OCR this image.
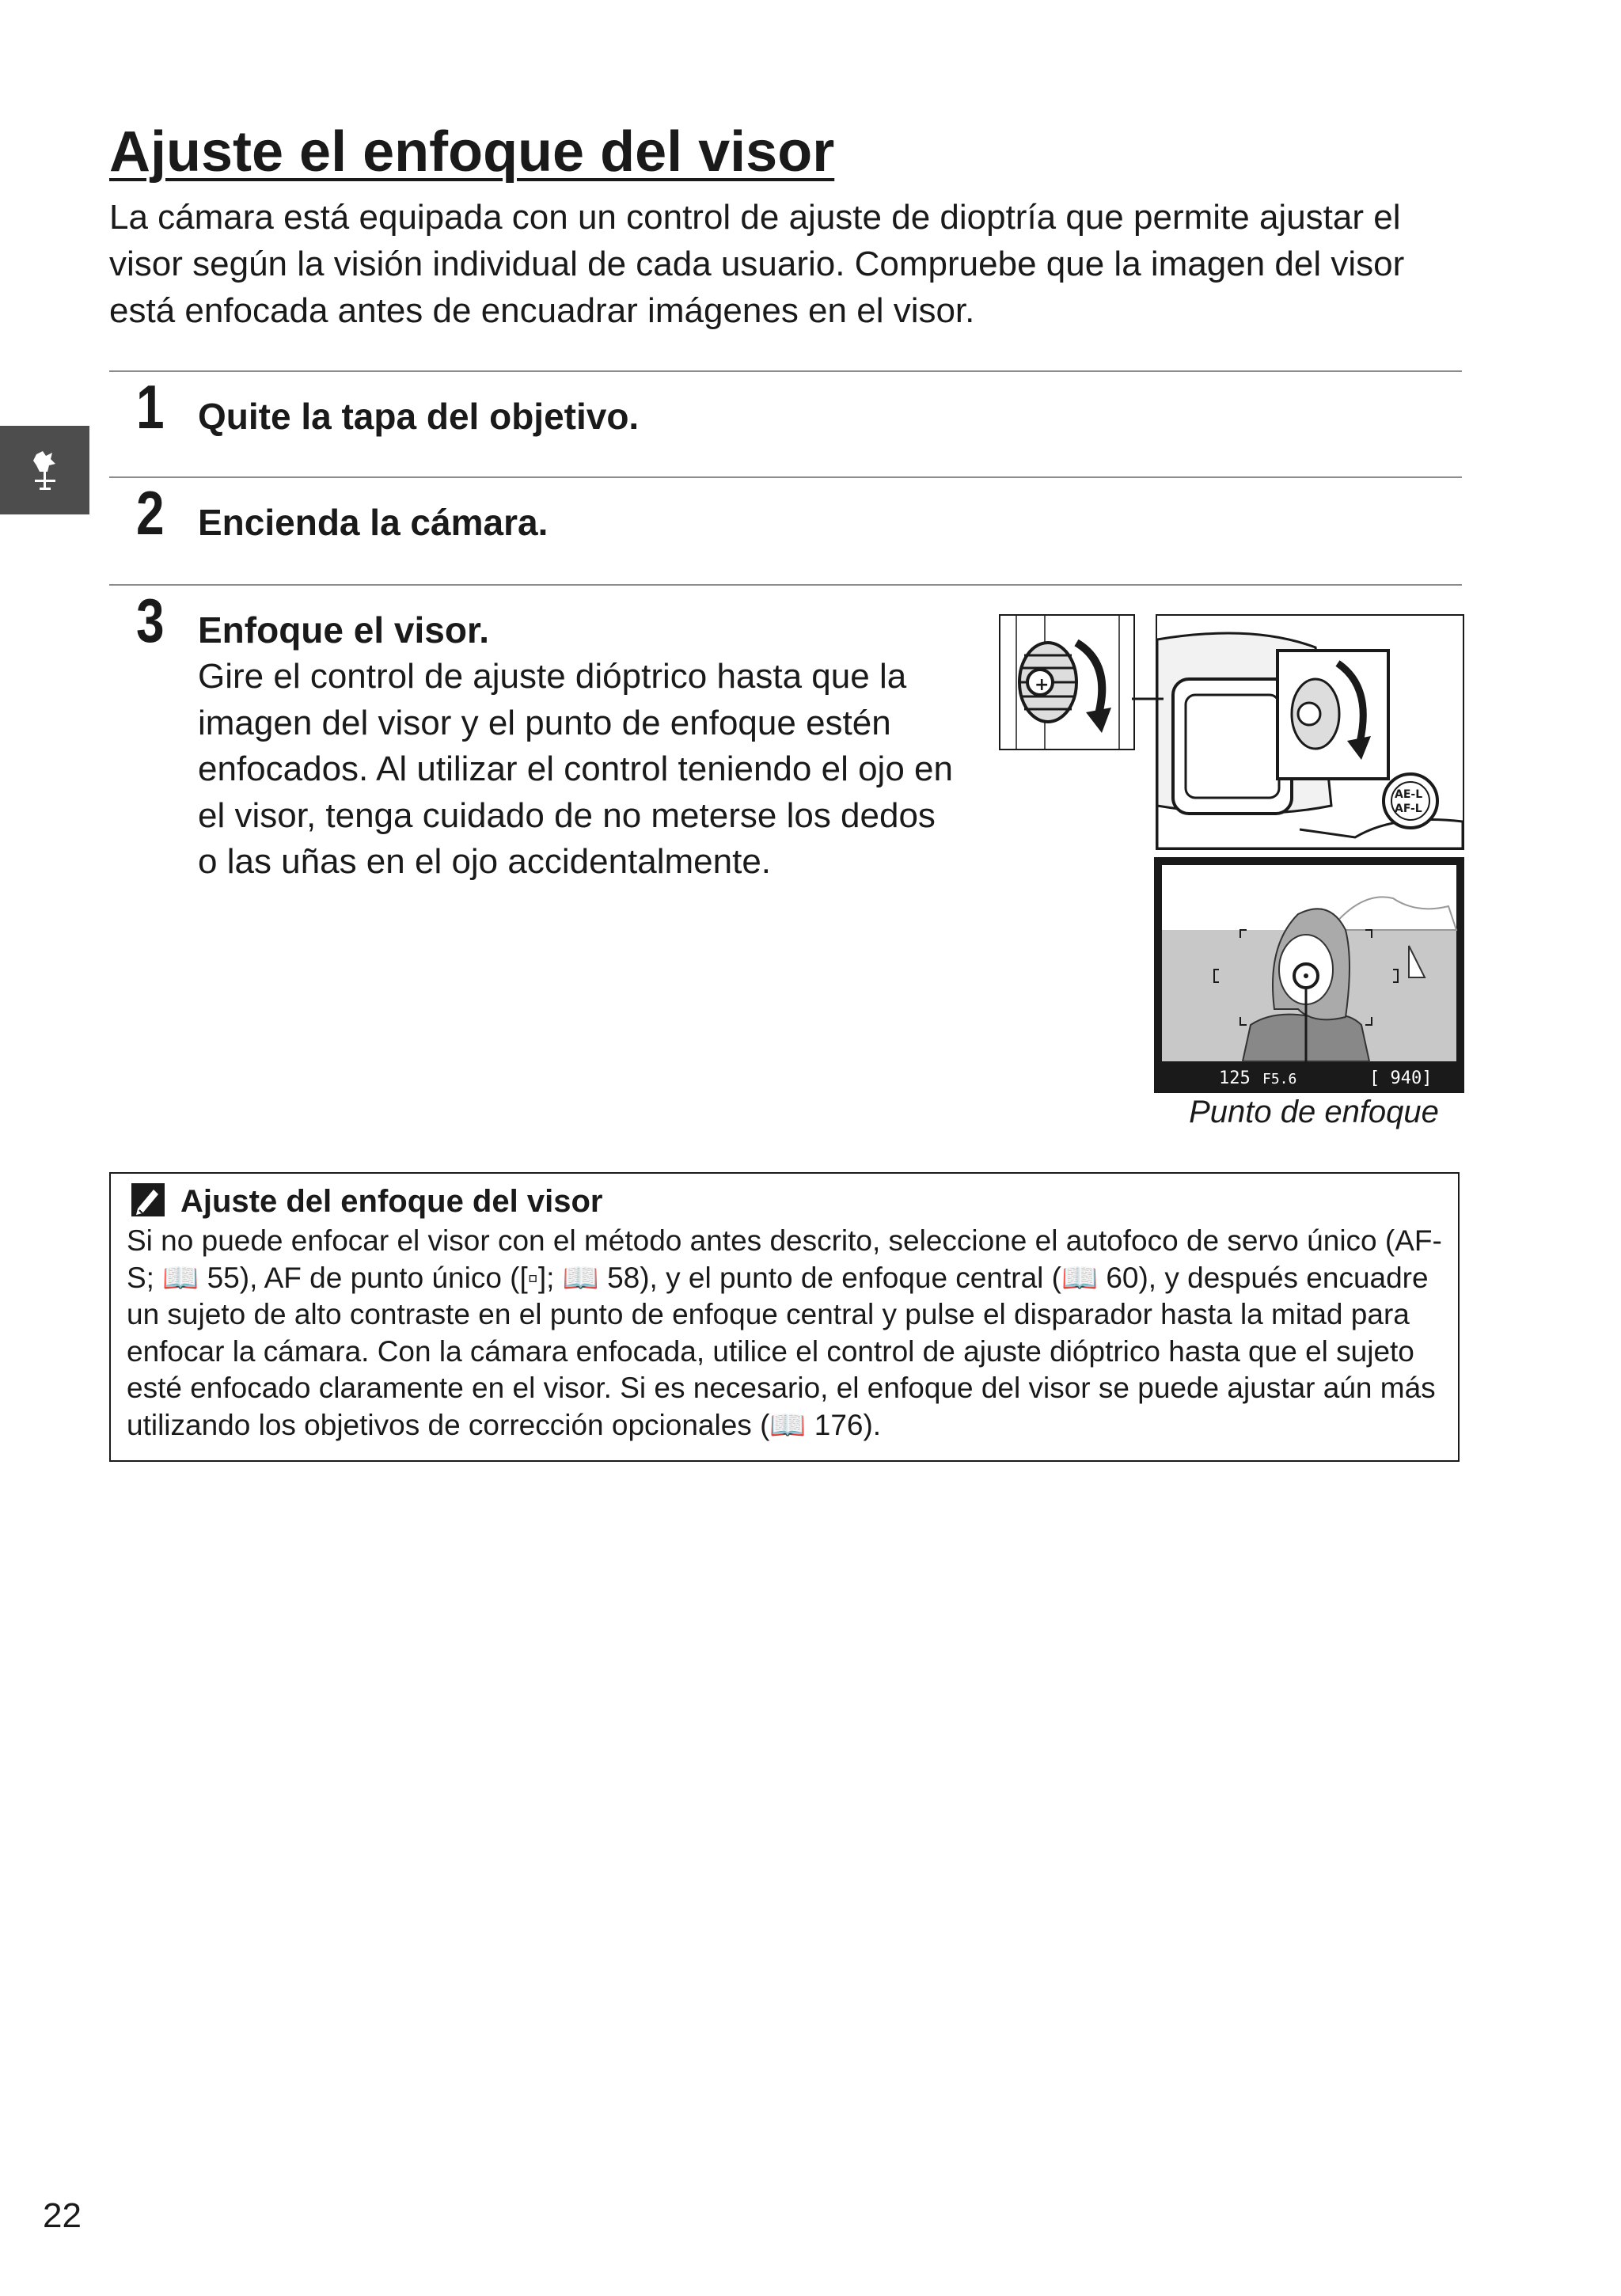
Ajuste el enfoque del visor

La cámara está equipada con un control de ajuste de dioptría que permite ajustar el visor según la visión individual de cada usuario. Compruebe que la imagen del visor está enfocada antes de encuadrar imágenes en el visor.

1 Quite la tapa del objetivo.
2 Encienda la cámara.
3 Enfoque el visor.

Gire el control de ajuste dióptrico hasta que la imagen del visor y el punto de enfoque estén enfocados. Al utilizar el control teniendo el ojo en el visor, tenga cuidado de no meterse los dedos o las uñas en el ojo accidentalmente.

+
AE-L
AF-L
125 F5.6	[ 940]
Punto de enfoque
Ajuste del enfoque del visor

Si no puede enfocar el visor con el método antes descrito, seleccione el autofoco de servo único (AF-S; 📖 55), AF de punto único ([▫]; 📖 58), y el punto de enfoque central (📖 60), y después encuadre un sujeto de alto contraste en el punto de enfoque central y pulse el disparador hasta la mitad para enfocar la cámara. Con la cámara enfocada, utilice el control de ajuste dióptrico hasta que el sujeto esté enfocado claramente en el visor. Si es necesario, el enfoque del visor se puede ajustar aún más utilizando los objetivos de corrección opcionales (📖 176).

22
